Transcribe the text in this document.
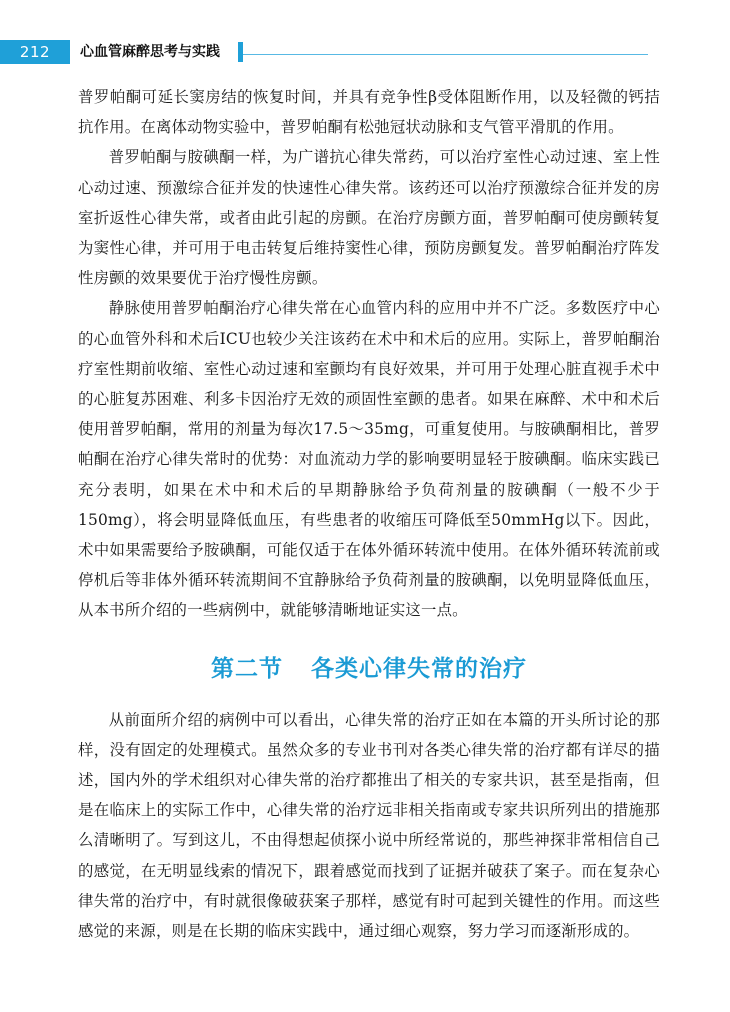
212	心血管麻醉思考与实践

普罗帕酮可延长窦房结的恢复时间，并具有竞争性β受体阻断作用，以及轻微的钙拮抗作用。在离体动物实验中，普罗帕酮有松弛冠状动脉和支气管平滑肌的作用。

普罗帕酮与胺碘酮一样，为广谱抗心律失常药，可以治疗室性心动过速、室上性心动过速、预激综合征并发的快速性心律失常。该药还可以治疗预激综合征并发的房室折返性心律失常，或者由此引起的房颤。在治疗房颤方面，普罗帕酮可使房颤转复为窦性心律，并可用于电击转复后维持窦性心律，预防房颤复发。普罗帕酮治疗阵发性房颤的效果要优于治疗慢性房颤。

静脉使用普罗帕酮治疗心律失常在心血管内科的应用中并不广泛。多数医疗中心的心血管外科和术后ICU也较少关注该药在术中和术后的应用。实际上，普罗帕酮治疗室性期前收缩、室性心动过速和室颤均有良好效果，并可用于处理心脏直视手术中的心脏复苏困难、利多卡因治疗无效的顽固性室颤的患者。如果在麻醉、术中和术后使用普罗帕酮，常用的剂量为每次17.5～35mg，可重复使用。与胺碘酮相比，普罗帕酮在治疗心律失常时的优势：对血流动力学的影响要明显轻于胺碘酮。临床实践已充分表明，如果在术中和术后的早期静脉给予负荷剂量的胺碘酮（一般不少于150mg），将会明显降低血压，有些患者的收缩压可降低至50mmHg以下。因此，术中如果需要给予胺碘酮，可能仅适于在体外循环转流中使用。在体外循环转流前或停机后等非体外循环转流期间不宜静脉给予负荷剂量的胺碘酮，以免明显降低血压，从本书所介绍的一些病例中，就能够清晰地证实这一点。

第二节 各类心律失常的治疗

从前面所介绍的病例中可以看出，心律失常的治疗正如在本篇的开头所讨论的那样，没有固定的处理模式。虽然众多的专业书刊对各类心律失常的治疗都有详尽的描述，国内外的学术组织对心律失常的治疗都推出了相关的专家共识，甚至是指南，但是在临床上的实际工作中，心律失常的治疗远非相关指南或专家共识所列出的措施那么清晰明了。写到这儿，不由得想起侦探小说中所经常说的，那些神探非常相信自己的感觉，在无明显线索的情况下，跟着感觉而找到了证据并破获了案子。而在复杂心律失常的治疗中，有时就很像破获案子那样，感觉有时可起到关键性的作用。而这些感觉的来源，则是在长期的临床实践中，通过细心观察，努力学习而逐渐形成的。
